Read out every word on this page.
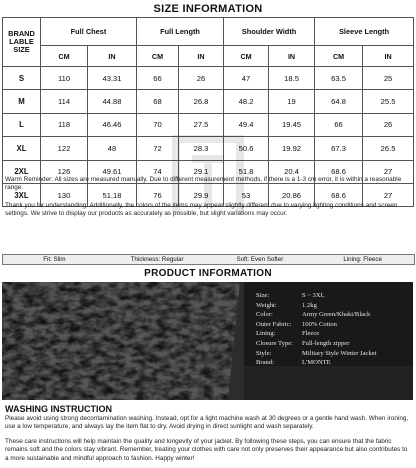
SIZE INFORMATION
BRAND LABLE SIZE	Full Chest		Full Length		Shoulder Width		Sleeve Length	
	CM	IN	CM	IN	CM	IN	CM	IN
S	110	43.31	66	26	47	18.5	63.5	25
M	114	44.88	68	26.8	48.2	19	64.8	25.5
L	118	46.46	70	27.5	49.4	19.45	66	26
XL	122	48	72	28.3	50.6	19.92	67.3	26.5
2XL	126	49.61	74	29.1	51.8	20.4	68.6	27
3XL	130	51.18	76	29.9	53	20.86	68.6	27
Warm Reminder: All sizes are measured manually. Due to different measurement methods, if there is a 1-3 cm error, it is within a reasonable range.
Thank you for understanding. Additionally, the colors of the items may appear slightly different due to varying lighting conditions and screen settings. We strive to display our products as accurately as possible, but slight variations may occur.
Fit: Slim	Thickness: Regular	Soft: Even Softer	Lining: Fleece
PRODUCT INFORMATION
Size:	S ~ 3XL
Weight:	1.2kg
Color:	Army Green/Khaki/Black
Outer Fabric:	100% Cotton
Lining:	Fleece
Closure Type:	Full-length zipper
Style:	Military Style Winter Jacket
Brand:	L'MONTE
WASHING INSTRUCTION
Please avoid using strong decontamination washing. Instead, opt for a light machine wash at 30 degrees or a gentle hand wash. When ironing, use a low temperature, and always lay the item flat to dry. Avoid drying in direct sunlight and wash separately.
These care instructions will help maintain the quality and longevity of your jacket. By following these steps, you can ensure that the fabric remains soft and the colors stay vibrant. Remember, treating your clothes with care not only preserves their appearance but also contributes to a more sustainable and mindful approach to fashion. Happy winter!
